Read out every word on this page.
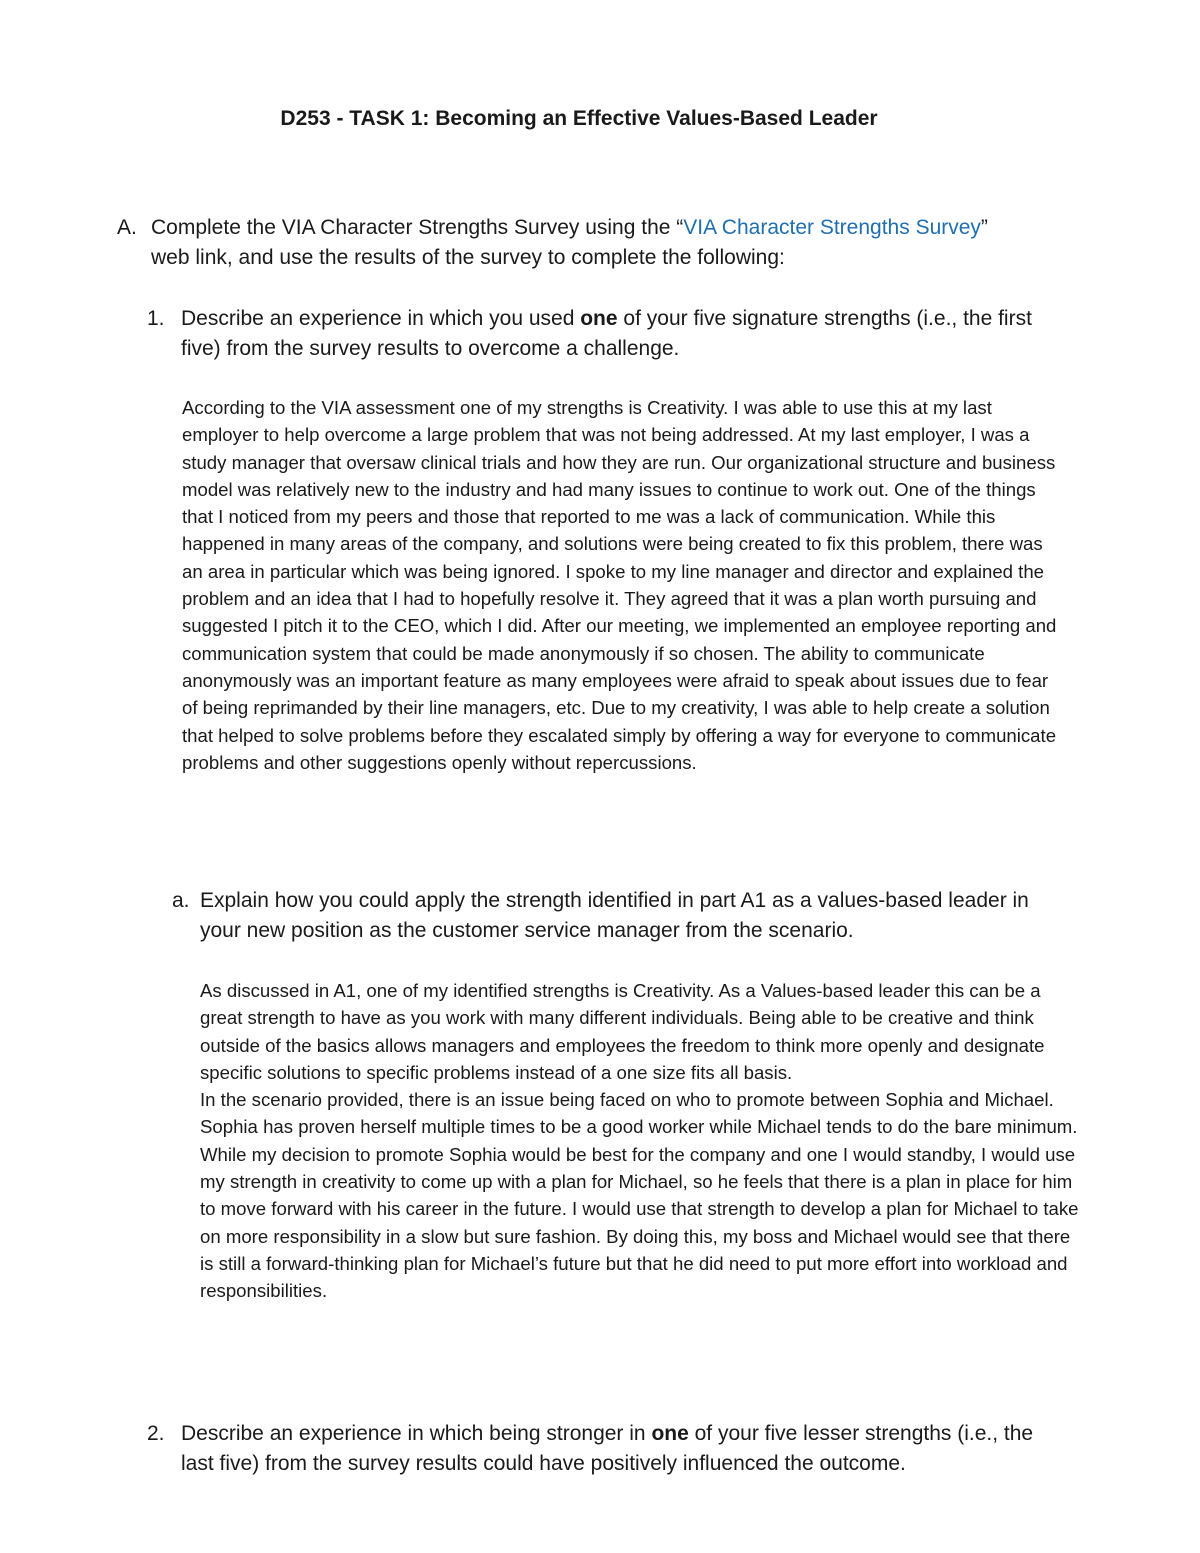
D253 - TASK 1: Becoming an Effective Values-Based Leader
A. Complete the VIA Character Strengths Survey using the “VIA Character Strengths Survey” web link, and use the results of the survey to complete the following:
1. Describe an experience in which you used one of your five signature strengths (i.e., the first five) from the survey results to overcome a challenge.

According to the VIA assessment one of my strengths is Creativity. I was able to use this at my last employer to help overcome a large problem that was not being addressed. At my last employer, I was a study manager that oversaw clinical trials and how they are run. Our organizational structure and business model was relatively new to the industry and had many issues to continue to work out. One of the things that I noticed from my peers and those that reported to me was a lack of communication. While this happened in many areas of the company, and solutions were being created to fix this problem, there was an area in particular which was being ignored. I spoke to my line manager and director and explained the problem and an idea that I had to hopefully resolve it. They agreed that it was a plan worth pursuing and suggested I pitch it to the CEO, which I did. After our meeting, we implemented an employee reporting and communication system that could be made anonymously if so chosen. The ability to communicate anonymously was an important feature as many employees were afraid to speak about issues due to fear of being reprimanded by their line managers, etc. Due to my creativity, I was able to help create a solution that helped to solve problems before they escalated simply by offering a way for everyone to communicate problems and other suggestions openly without repercussions.

a. Explain how you could apply the strength identified in part A1 as a values-based leader in your new position as the customer service manager from the scenario.

As discussed in A1, one of my identified strengths is Creativity. As a Values-based leader this can be a great strength to have as you work with many different individuals. Being able to be creative and think outside of the basics allows managers and employees the freedom to think more openly and designate specific solutions to specific problems instead of a one size fits all basis.

In the scenario provided, there is an issue being faced on who to promote between Sophia and Michael. Sophia has proven herself multiple times to be a good worker while Michael tends to do the bare minimum. While my decision to promote Sophia would be best for the company and one I would standby, I would use my strength in creativity to come up with a plan for Michael, so he feels that there is a plan in place for him to move forward with his career in the future. I would use that strength to develop a plan for Michael to take on more responsibility in a slow but sure fashion. By doing this, my boss and Michael would see that there is still a forward-thinking plan for Michael’s future but that he did need to put more effort into workload and responsibilities.

2. Describe an experience in which being stronger in one of your five lesser strengths (i.e., the last five) from the survey results could have positively influenced the outcome.
